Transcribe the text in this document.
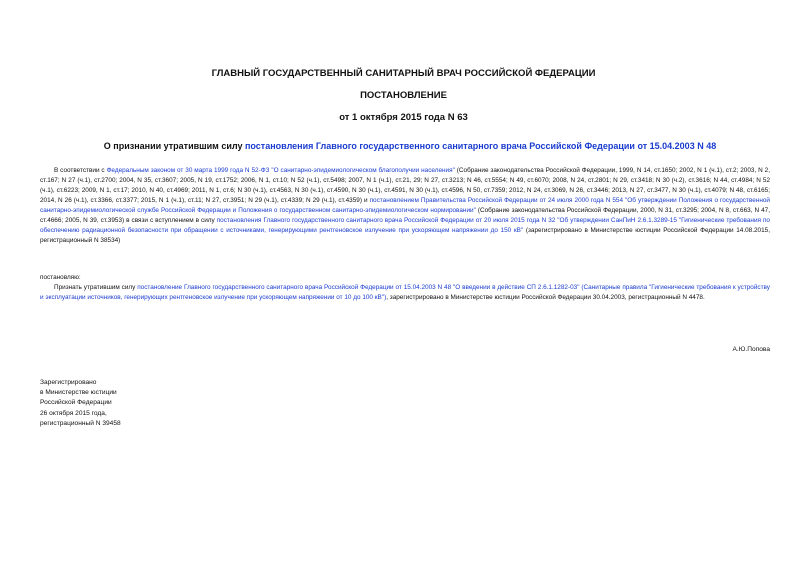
ГЛАВНЫЙ ГОСУДАРСТВЕННЫЙ САНИТАРНЫЙ ВРАЧ РОССИЙСКОЙ ФЕДЕРАЦИИ
ПОСТАНОВЛЕНИЕ
от 1 октября 2015 года N 63
О признании утратившим силу постановления Главного государственного санитарного врача Российской Федерации от 15.04.2003 N 48
В соответствии с Федеральным законом от 30 марта 1999 года N 52-ФЗ "О санитарно-эпидемиологическом благополучии населения" (Собрание законодательства Российской Федерации, 1999, N 14, ст.1650; 2002, N 1 (ч.1), ст.2; 2003, N 2, ст.167; N 27 (ч.1), ст.2700; 2004, N 35, ст.3607; 2005, N 19, ст.1752; 2006, N 1, ст.10; N 52 (ч.1), ст.5498; 2007, N 1 (ч.1), ст.21, 29; N 27, ст.3213; N 46, ст.5554; N 49, ст.6070; 2008, N 24, ст.2801; N 29, ст.3418; N 30 (ч.2), ст.3616; N 44, ст.4984; N 52 (ч.1), ст.6223; 2009, N 1, ст.17; 2010, N 40, ст.4969; 2011, N 1, ст.6; N 30 (ч.1), ст.4563, N 30 (ч.1), ст.4590, N 30 (ч.1), ст.4591, N 30 (ч.1), ст.4596, N 50, ст.7359; 2012, N 24, ст.3069, N 26, ст.3446; 2013, N 27, ст.3477, N 30 (ч.1), ст.4079; N 48, ст.6165; 2014, N 26 (ч.1), ст.3366, ст.3377; 2015, N 1 (ч.1), ст.11; N 27, ст.3951; N 29 (ч.1), ст.4339; N 29 (ч.1), ст.4359) и постановлением Правительства Российской Федерации от 24 июля 2000 года N 554 "Об утверждении Положения о государственной санитарно-эпидемиологической службе Российской Федерации и Положения о государственном санитарно-эпидемиологическом нормировании" (Собрание законодательства Российской Федерации, 2000, N 31, ст.3295; 2004, N 8, ст.663, N 47, ст.4666; 2005, N 39, ст.3953) в связи с вступлением в силу постановления Главного государственного санитарного врача Российской Федерации от 20 июля 2015 года N 32 "Об утверждении СанПиН 2.6.1.3289-15 "Гигиенические требования по обеспечению радиационной безопасности при обращении с источниками, генерирующими рентгеновское излучение при ускоряющем напряжении до 150 кВ" (зарегистрировано в Министерстве юстиции Российской Федерации 14.08.2015, регистрационный N 38534)
постановляю:
Признать утратившим силу постановление Главного государственного санитарного врача Российской Федерации от 15.04.2003 N 48 "О введении в действие СП 2.6.1.1282-03" (Санитарные правила "Гигиенические требования к устройству и эксплуатации источников, генерирующих рентгеновское излучение при ускоряющем напряжении от 10 до 100 кВ"), зарегистрировано в Министерстве юстиции Российской Федерации 30.04.2003, регистрационный N 4478.
А.Ю.Попова
Зарегистрировано
в Министерстве юстиции
Российской Федерации
26 октября 2015 года,
регистрационный N 39458
